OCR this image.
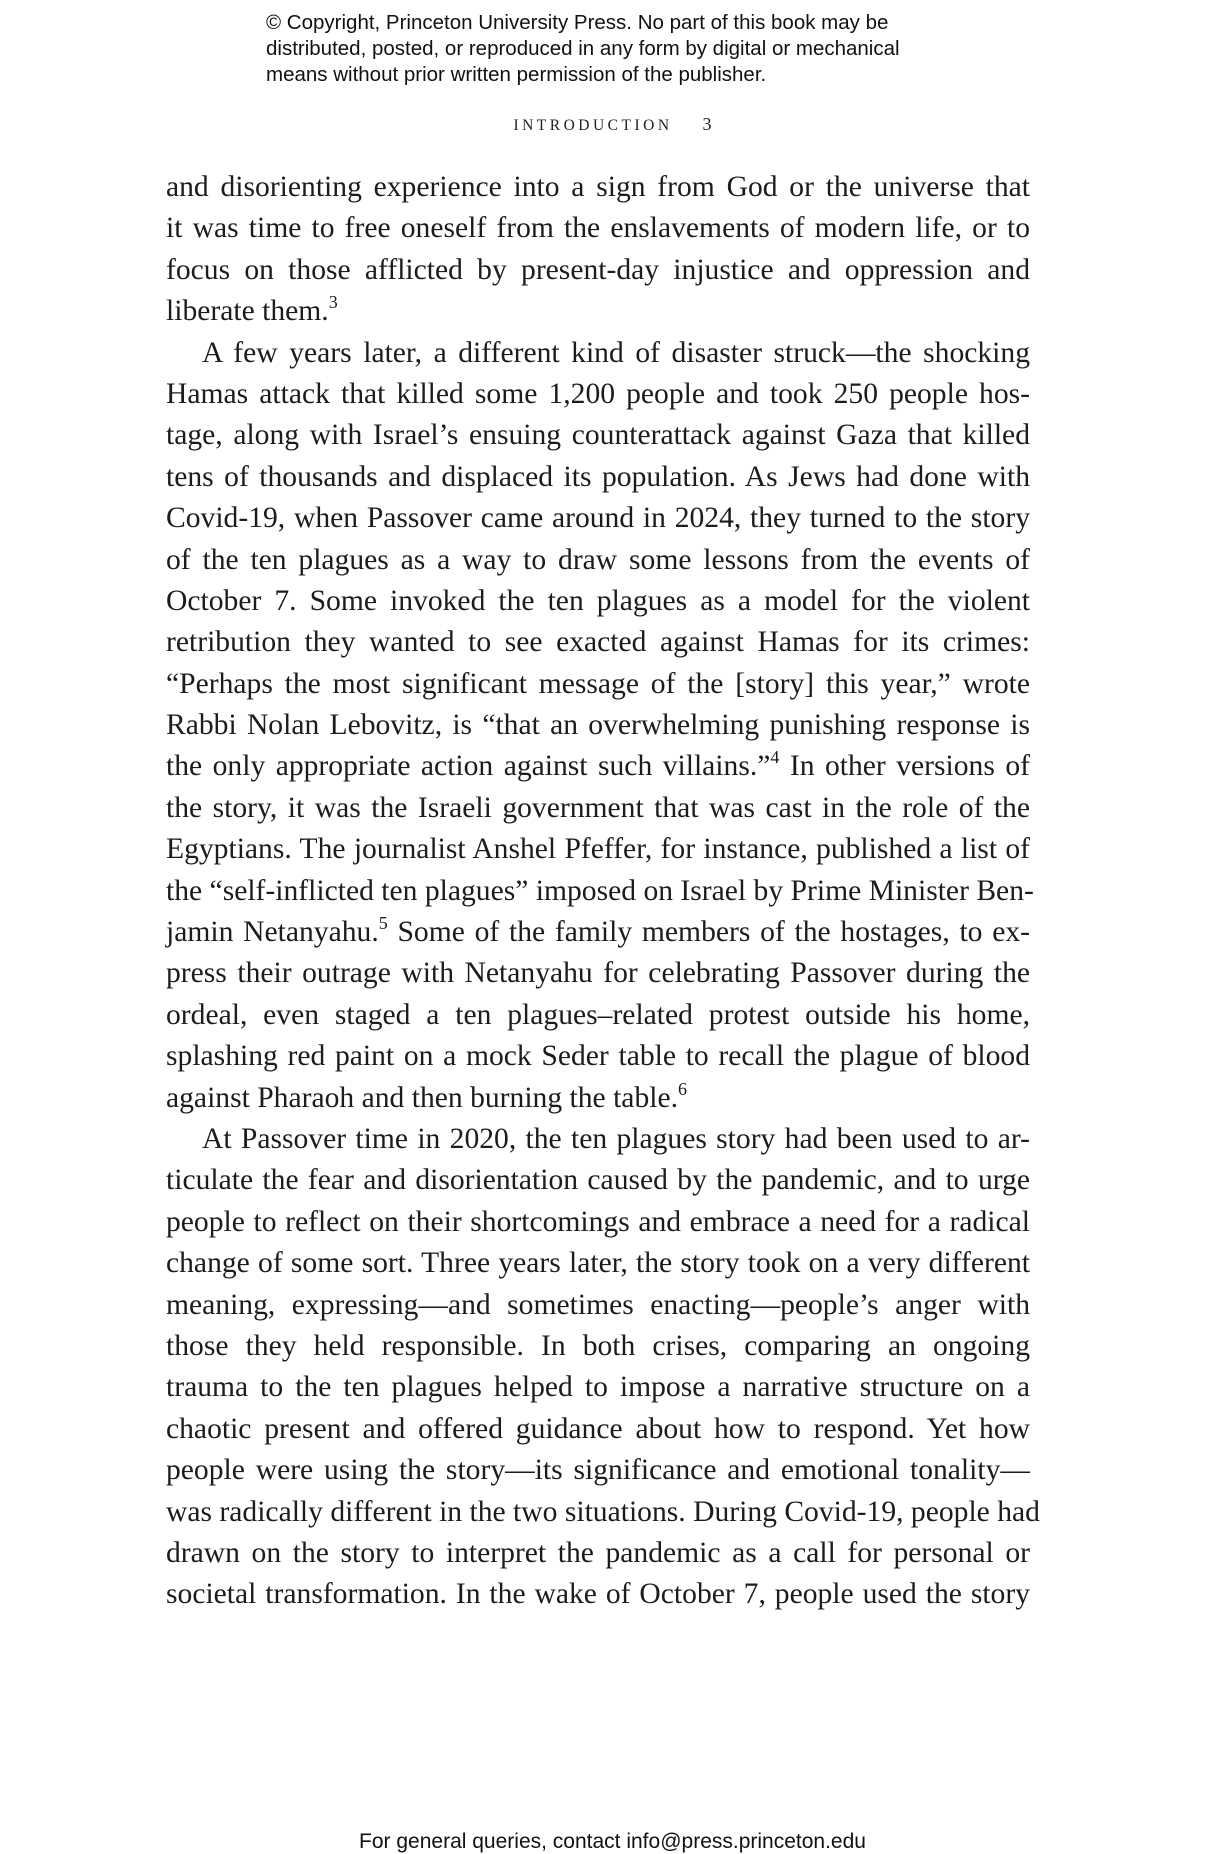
© Copyright, Princeton University Press. No part of this book may be
distributed, posted, or reproduced in any form by digital or mechanical
means without prior written permission of the publisher.
INTRODUCTION 3
and disorienting experience into a sign from God or the universe that
it was time to free oneself from the enslavements of modern life, or to
focus on those afflicted by present-day injustice and oppression and
liberate them.$^3$
A few years later, a different kind of disaster struck—the shocking
Hamas attack that killed some 1,200 people and took 250 people hos-
tage, along with Israel’s ensuing counterattack against Gaza that killed
tens of thousands and displaced its population. As Jews had done with
Covid-19, when Passover came around in 2024, they turned to the story
of the ten plagues as a way to draw some lessons from the events of
October 7. Some invoked the ten plagues as a model for the violent
retribution they wanted to see exacted against Hamas for its crimes:
“Perhaps the most significant message of the [story] this year,” wrote
Rabbi Nolan Lebovitz, is “that an overwhelming punishing response is
the only appropriate action against such villains.”$^4$ In other versions of
the story, it was the Israeli government that was cast in the role of the
Egyptians. The journalist Anshel Pfeffer, for instance, published a list of
the “self-inflicted ten plagues” imposed on Israel by Prime Minister Ben-
jamin Netanyahu.$^5$ Some of the family members of the hostages, to ex-
press their outrage with Netanyahu for celebrating Passover during the
ordeal, even staged a ten plagues–related protest outside his home,
splashing red paint on a mock Seder table to recall the plague of blood
against Pharaoh and then burning the table.$^6$
At Passover time in 2020, the ten plagues story had been used to ar-
ticulate the fear and disorientation caused by the pandemic, and to urge
people to reflect on their shortcomings and embrace a need for a radical
change of some sort. Three years later, the story took on a very different
meaning, expressing—and sometimes enacting—people’s anger with
those they held responsible. In both crises, comparing an ongoing
trauma to the ten plagues helped to impose a narrative structure on a
chaotic present and offered guidance about how to respond. Yet how
people were using the story—its significance and emotional tonality—
was radically different in the two situations. During Covid-19, people had
drawn on the story to interpret the pandemic as a call for personal or
societal transformation. In the wake of October 7, people used the story
For general queries, contact info@press.princeton.edu
